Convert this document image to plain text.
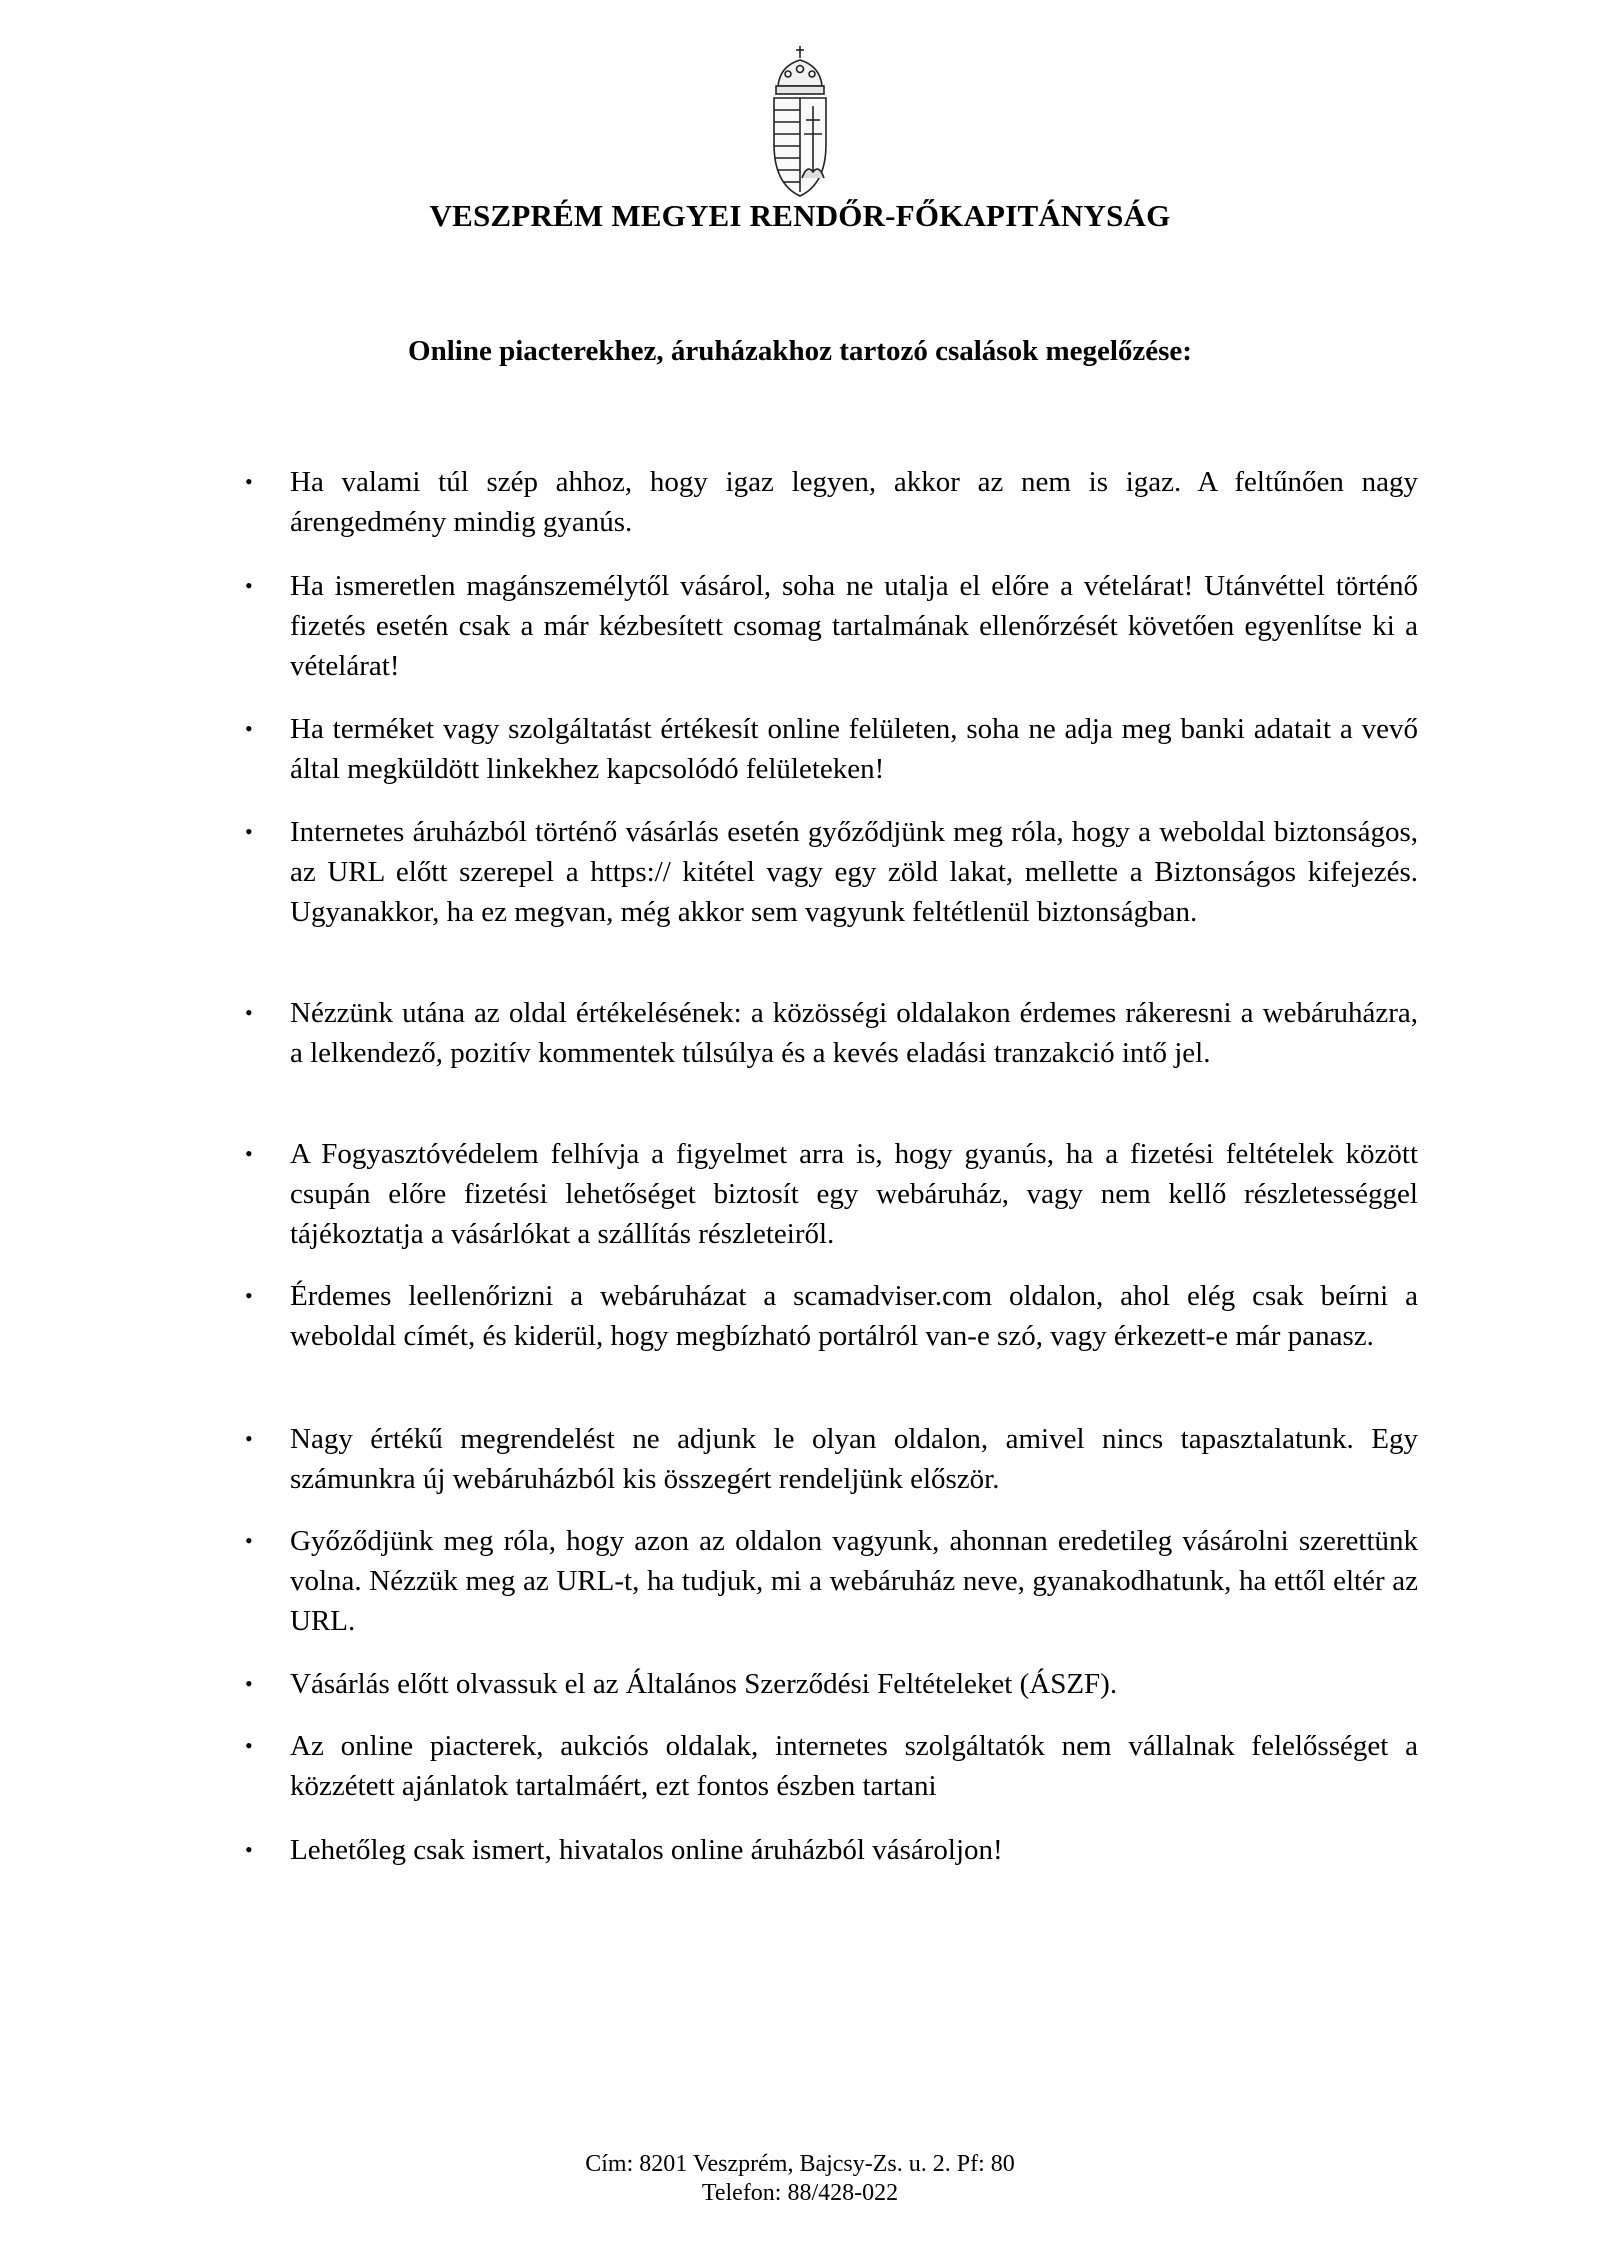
VESZPRÉM MEGYEI RENDŐR-FŐKAPITÁNYSÁG
Online piacterekhez, áruházakhoz tartozó csalások megelőzése:
• Ha valami túl szép ahhoz, hogy igaz legyen, akkor az nem is igaz. A feltűnően nagy árengedmény mindig gyanús.
• Ha ismeretlen magánszemélytől vásárol, soha ne utalja el előre a vételárat! Utánvéttel történő fizetés esetén csak a már kézbesített csomag tartalmának ellenőrzését követően egyenlítse ki a vételárat!
• Ha terméket vagy szolgáltatást értékesít online felületen, soha ne adja meg banki adatait a vevő által megküldött linkekhez kapcsolódó felületeken!
• Internetes áruházból történő vásárlás esetén győződjünk meg róla, hogy a weboldal biztonságos, az URL előtt szerepel a https:// kitétel vagy egy zöld lakat, mellette a Biztonságos kifejezés. Ugyanakkor, ha ez megvan, még akkor sem vagyunk feltétlenül biztonságban.
• Nézzünk utána az oldal értékelésének: a közösségi oldalakon érdemes rákeresni a webáruházra, a lelkendező, pozitív kommentek túlsúlya és a kevés eladási tranzakció intő jel.
• A Fogyasztóvédelem felhívja a figyelmet arra is, hogy gyanús, ha a fizetési feltételek között csupán előre fizetési lehetőséget biztosít egy webáruház, vagy nem kellő részletességgel tájékoztatja a vásárlókat a szállítás részleteiről.
• Érdemes leellenőrizni a webáruházat a scamadviser.com oldalon, ahol elég csak beírni a weboldal címét, és kiderül, hogy megbízható portálról van-e szó, vagy érkezett-e már panasz.
• Nagy értékű megrendelést ne adjunk le olyan oldalon, amivel nincs tapasztalatunk. Egy számunkra új webáruházból kis összegért rendeljünk először.
• Győződjünk meg róla, hogy azon az oldalon vagyunk, ahonnan eredetileg vásárolni szerettünk volna. Nézzük meg az URL-t, ha tudjuk, mi a webáruház neve, gyanakodhatunk, ha ettől eltér az URL.
• Vásárlás előtt olvassuk el az Általános Szerződési Feltételeket (ÁSZF).
• Az online piacterek, aukciós oldalak, internetes szolgáltatók nem vállalnak felelősséget a közzétett ajánlatok tartalmáért, ezt fontos észben tartani
• Lehetőleg csak ismert, hivatalos online áruházból vásároljon!
Cím: 8201 Veszprém, Bajcsy-Zs. u. 2. Pf: 80
Telefon: 88/428-022
